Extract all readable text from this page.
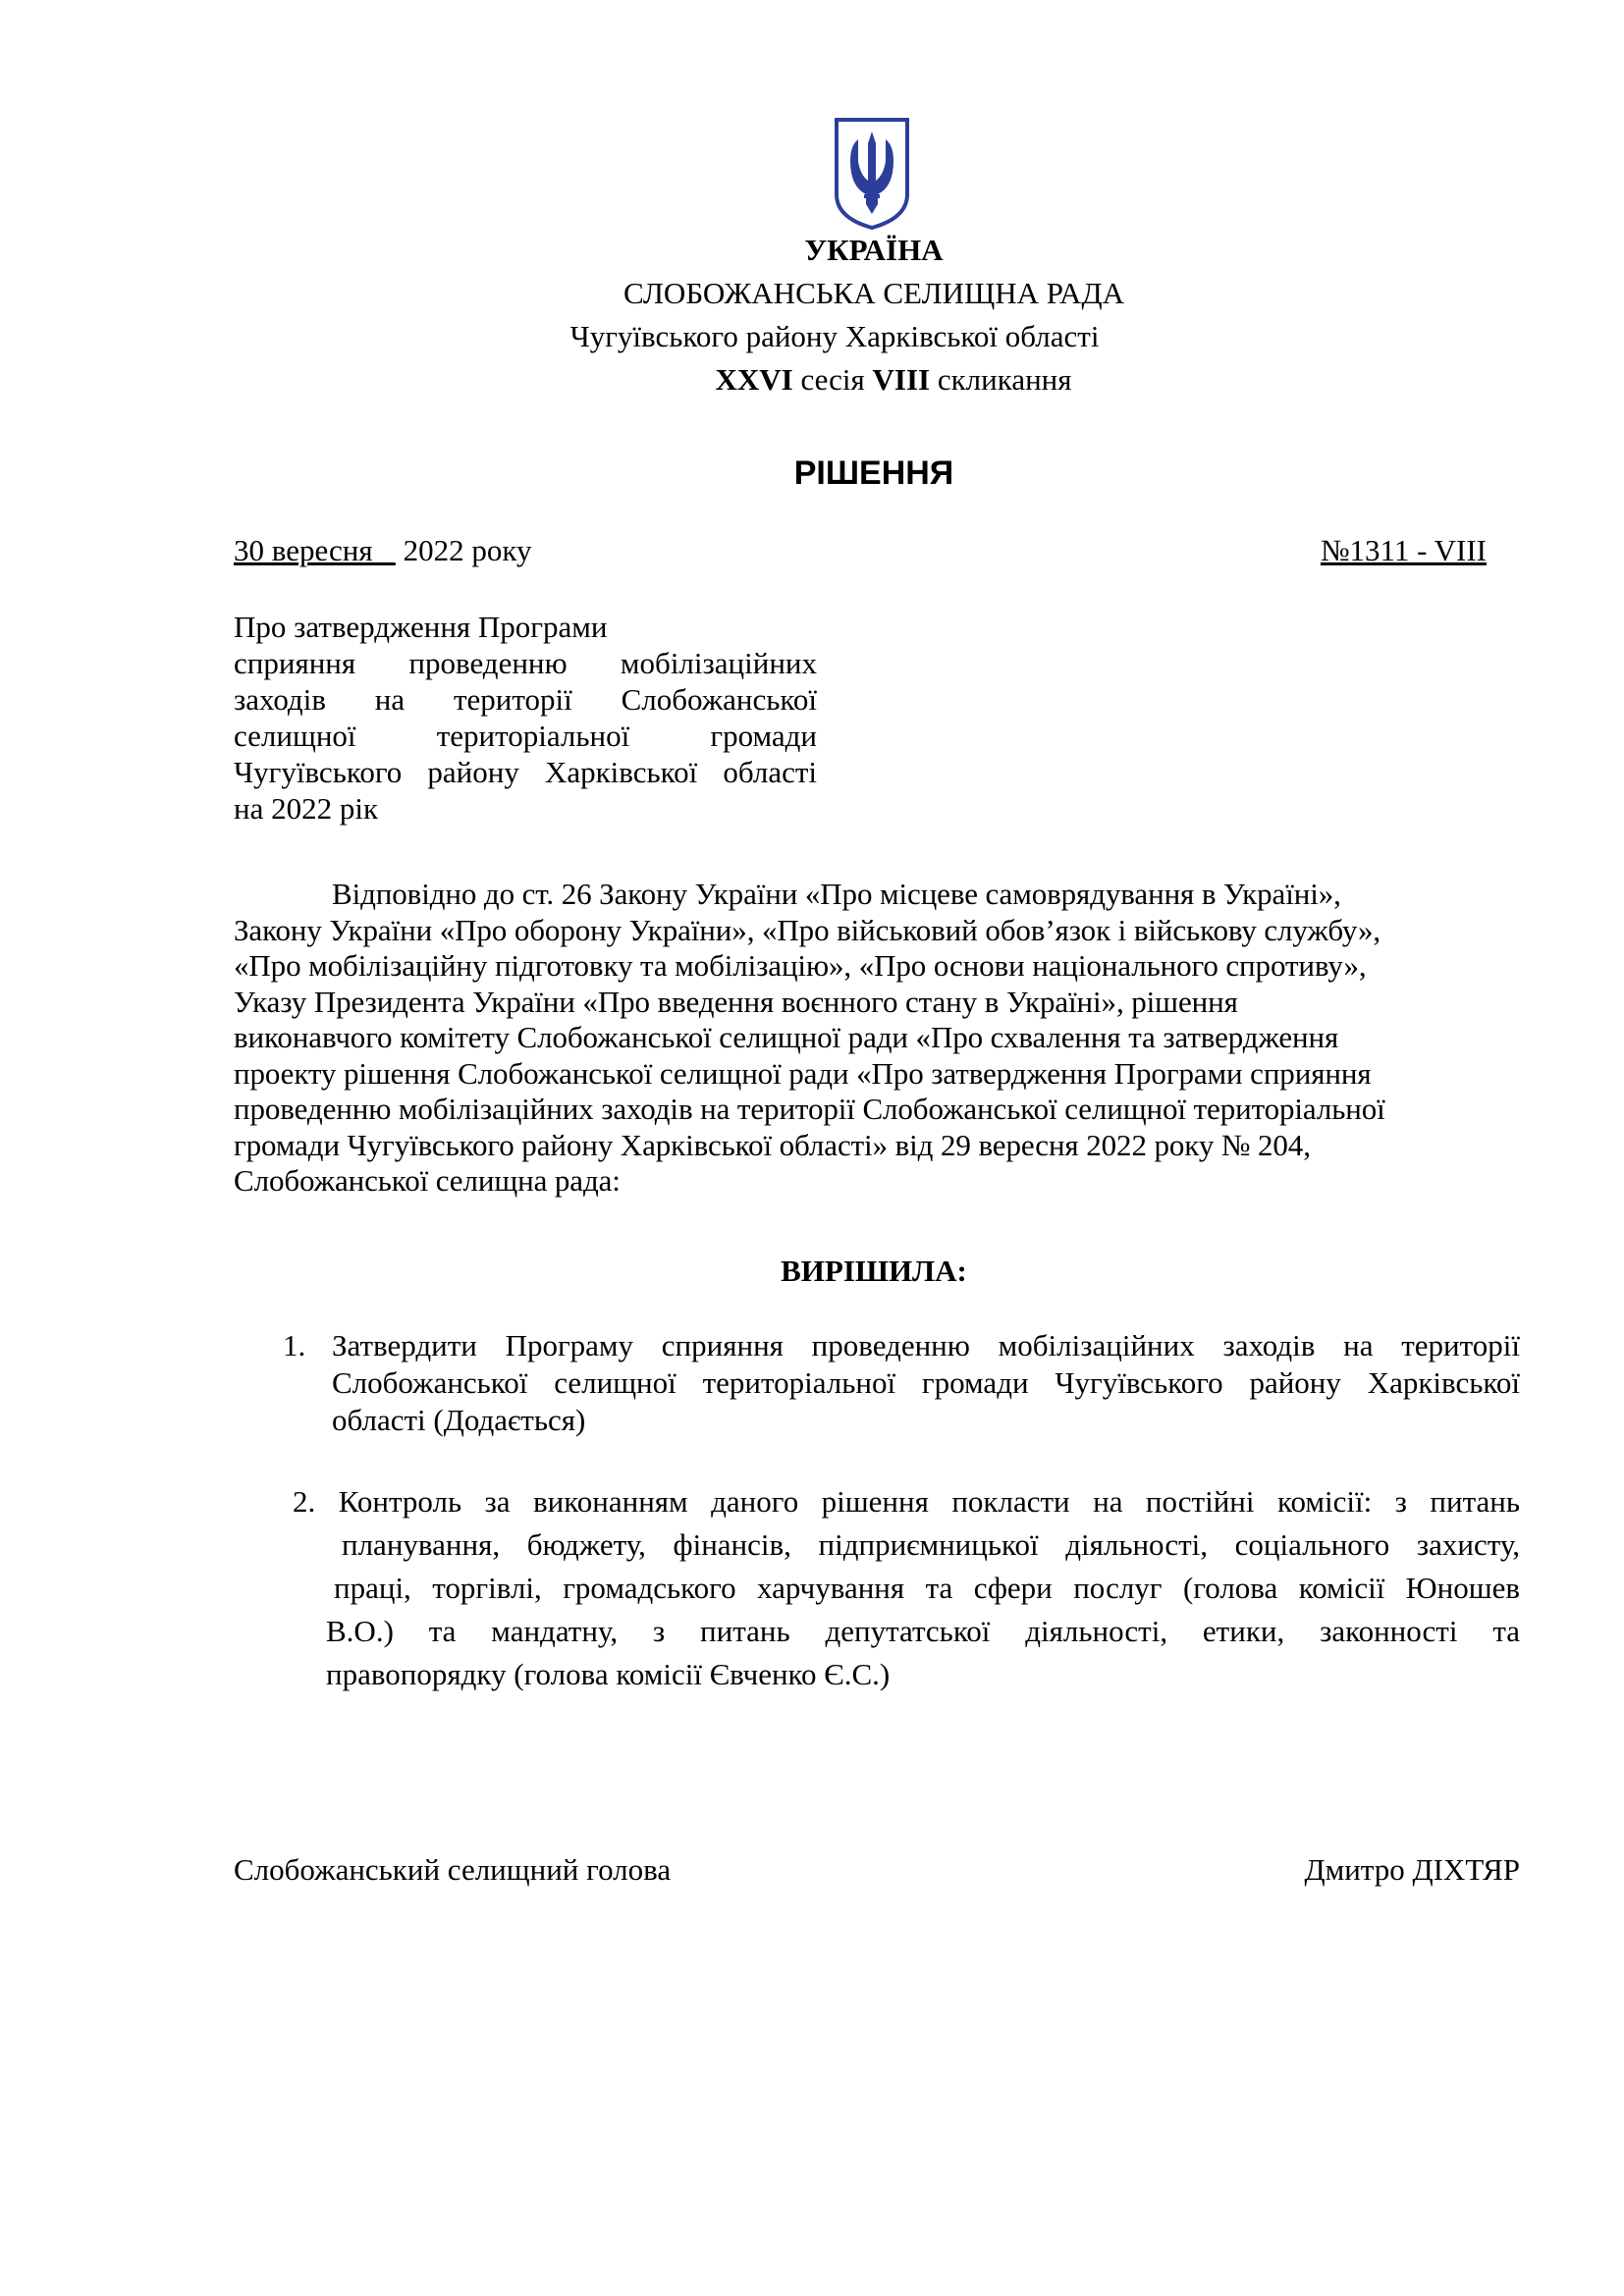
УКРАЇНА
СЛОБОЖАНСЬКА СЕЛИЩНА РАДА
Чугуївського району Харківської області
XXVI сесія VIII скликання
РІШЕННЯ
30 вересня 2022 року	№1311 - VIII
Про затвердження Програми
сприяння проведенню мобілізаційних
заходів на території Слобожанської
селищної територіальної громади
Чугуївського району Харківської області
на 2022 рік
Відповідно до ст. 26 Закону України «Про місцеве самоврядування в Україні»,
Закону України «Про оборону України», «Про військовий обов’язок і військову службу»,
«Про мобілізаційну підготовку та мобілізацію», «Про основи національного спротиву»,
Указу Президента України «Про введення воєнного стану в Україні», рішення
виконавчого комітету Слобожанської селищної ради «Про схвалення та затвердження
проекту рішення Слобожанської селищної ради «Про затвердження Програми сприяння
проведенню мобілізаційних заходів на території Слобожанської селищної територіальної
громади Чугуївського району Харківської області» від 29 вересня 2022 року № 204,
Слобожанської селищна рада:
ВИРІШИЛА:
1. Затвердити Програму сприяння проведенню мобілізаційних заходів на території
Слобожанської селищної територіальної громади Чугуївського району Харківської
області (Додається)
2. Контроль за виконанням даного рішення покласти на постійні комісії: з питань
планування, бюджету, фінансів, підприємницької діяльності, соціального захисту,
праці, торгівлі, громадського харчування та сфери послуг (голова комісії Юношев
В.О.) та мандатну, з питань депутатської діяльності, етики, законності та
правопорядку (голова комісії Євченко Є.С.)
Слобожанський селищний голова	Дмитро ДІХТЯР
